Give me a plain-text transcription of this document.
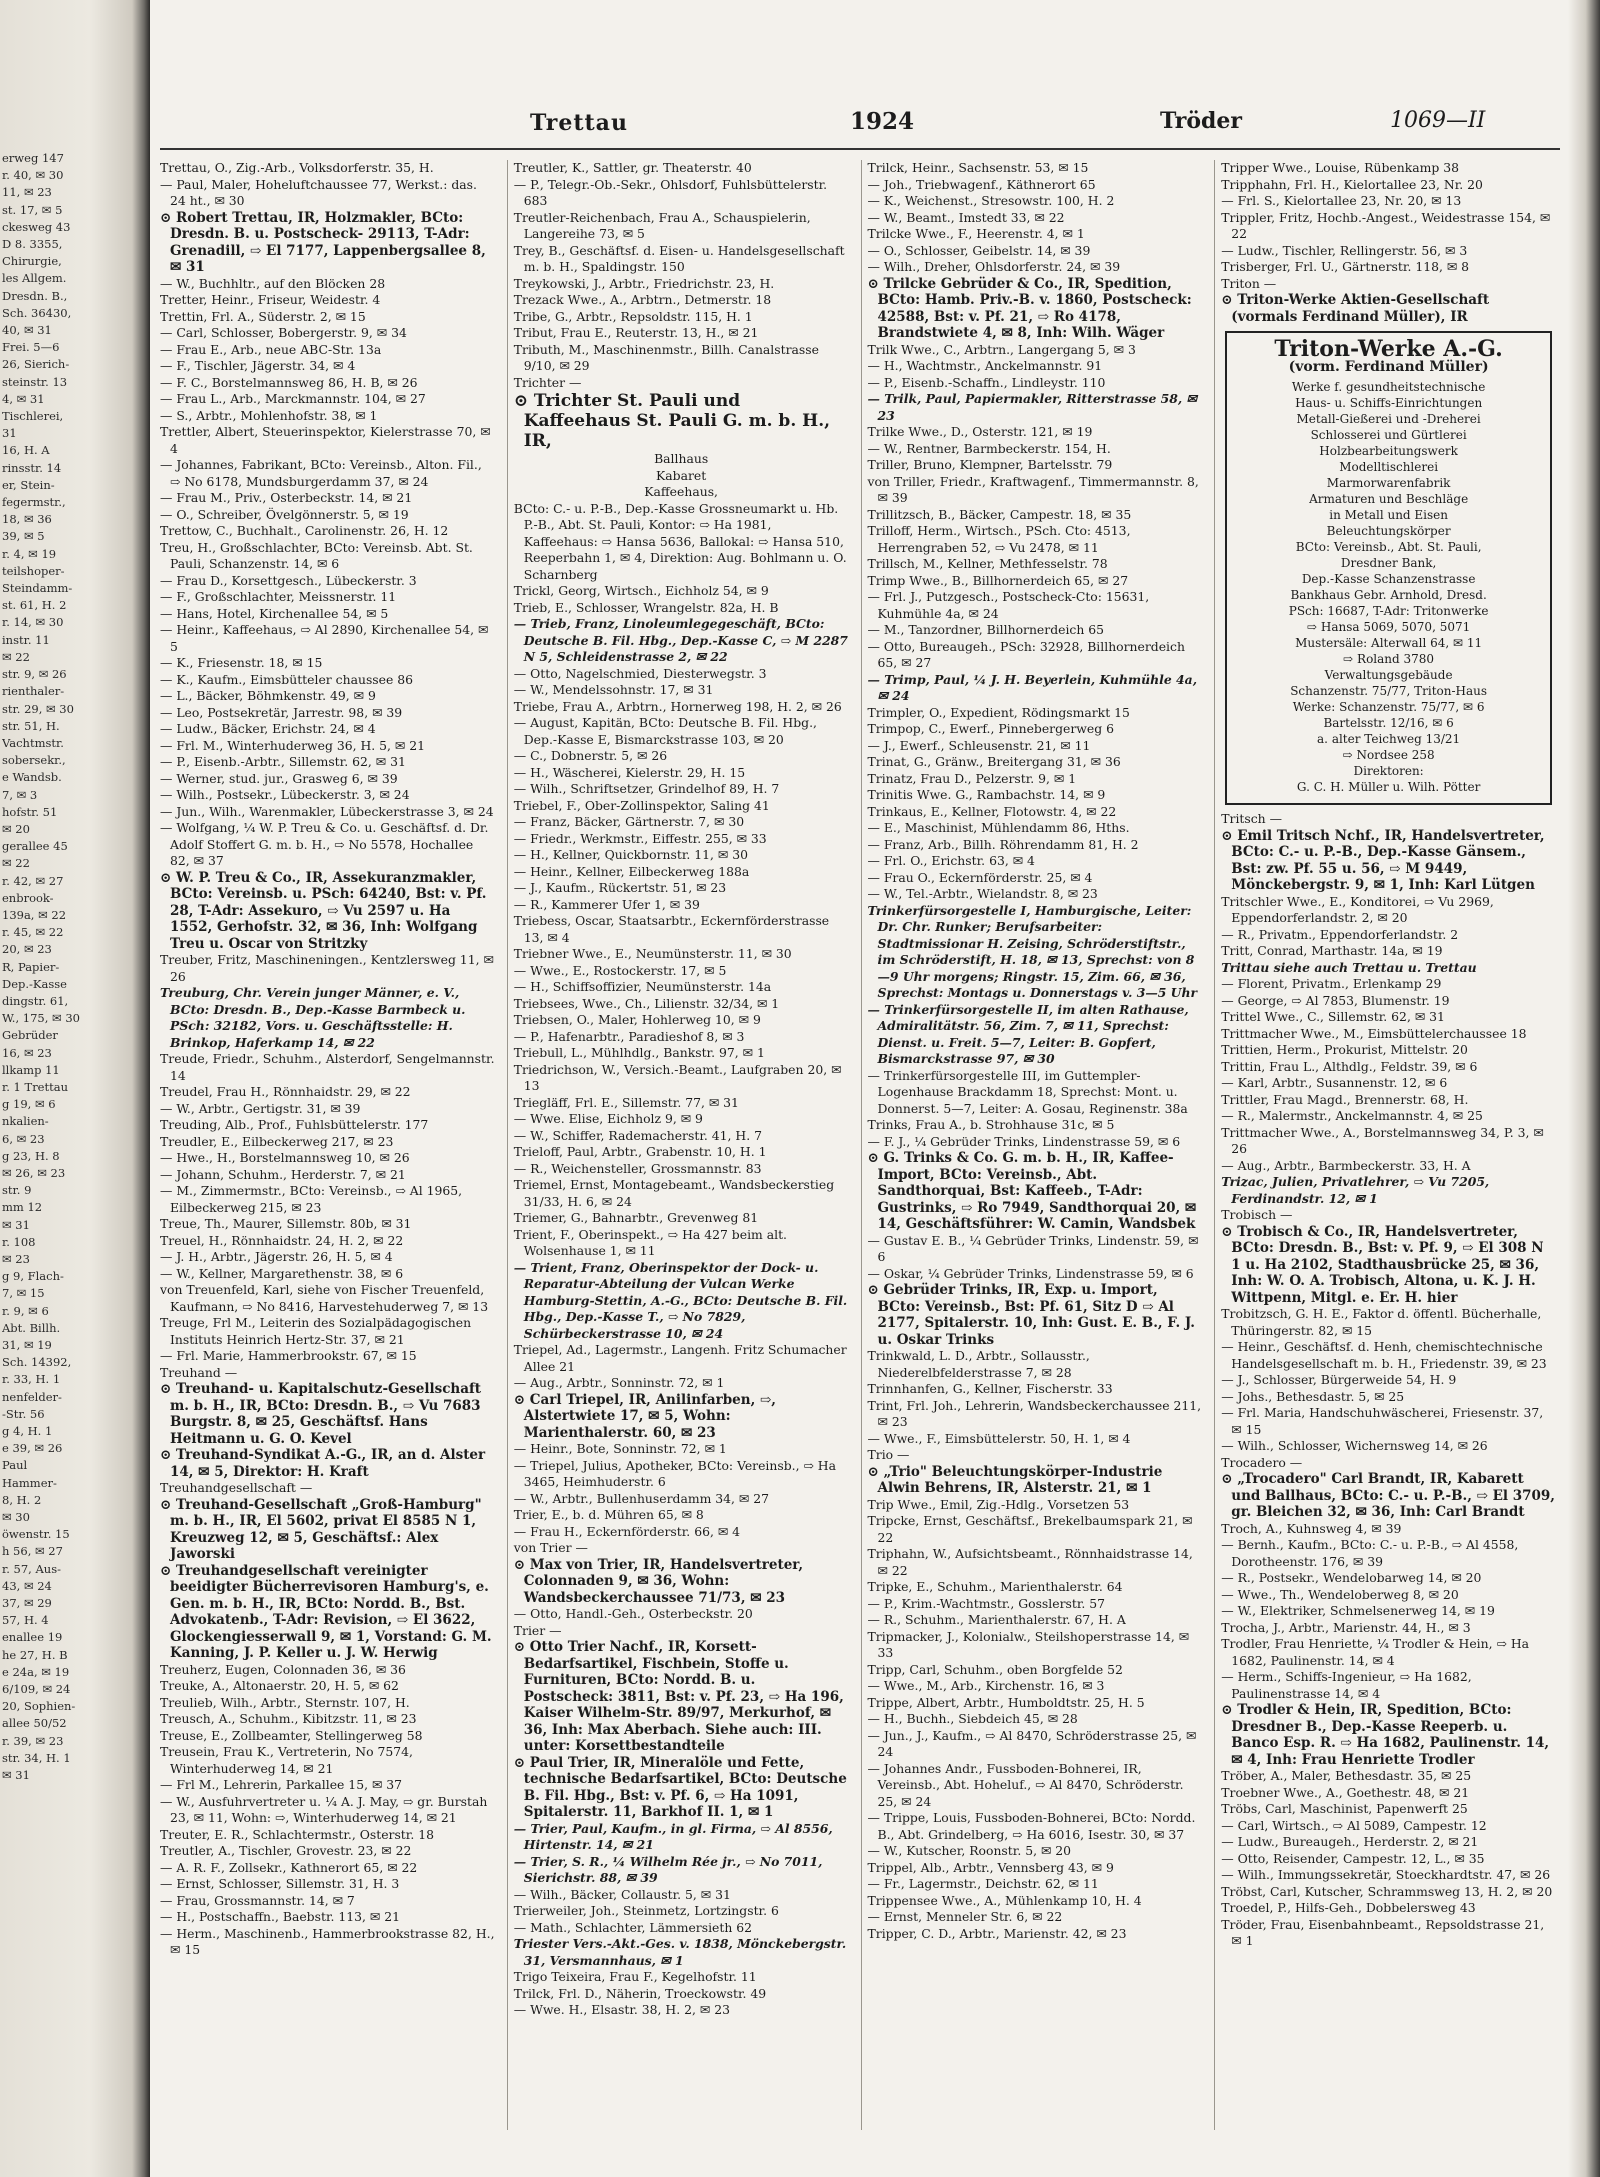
erweg 147
r. 40, ✉ 30
11, ✉ 23
st. 17, ✉ 5
ckesweg 43
D 8. 3355,
Chirurgie,
les Allgem.
Dresdn. B.,
Sch. 36430,
40, ✉ 31
Frei. 5—6
26, Sierich-
steinstr. 13
4, ✉ 31
Tischlerei,
31
16, H. A
rinsstr. 14
er, Stein-
fegermstr.,
18, ✉ 36
39, ✉ 5
r. 4, ✉ 19
teilshoper-
Steindamm-
st. 61, H. 2
r. 14, ✉ 30
instr. 11
✉ 22
str. 9, ✉ 26
rienthaler-
str. 29, ✉ 30
str. 51, H.
Vachtmstr.
sobersekr.,
e Wandsb.
7, ✉ 3
hofstr. 51
✉ 20
gerallee 45
✉ 22
r. 42, ✉ 27
enbrook-
139a, ✉ 22
r. 45, ✉ 22
20, ✉ 23
R, Papier-
Dep.-Kasse
dingstr. 61,
W., 175, ✉ 30
Gebrüder
16, ✉ 23
llkamp 11
r. 1 Trettau
g 19, ✉ 6
nkalien-
6, ✉ 23
g 23, H. 8
✉ 26, ✉ 23
str. 9
mm 12
✉ 31
r. 108
✉ 23
g 9, Flach-
7, ✉ 15
r. 9, ✉ 6
Abt. Billh.
31, ✉ 19
Sch. 14392,
r. 33, H. 1
nenfelder-
-Str. 56
g 4, H. 1
e 39, ✉ 26
Paul
Hammer-
8, H. 2
✉ 30
öwenstr. 15
h 56, ✉ 27
r. 57, Aus-
43, ✉ 24
37, ✉ 29
57, H. 4
enallee 19
he 27, H. B
e 24a, ✉ 19
6/109, ✉ 24
20, Sophien-
allee 50/52
r. 39, ✉ 23
str. 34, H. 1
✉ 31
Trettau	1924	Tröder	1069—II

Trettau, O., Zig.-Arb., Volksdorferstr. 35, H.

— Paul, Maler, Hoheluftchaussee 77, Werkst.: das. 24 ht., ✉ 30

⊙ Robert Trettau, IR, Holzmakler, BCto: Dresdn. B. u. Postscheck- 29113, T-Adr: Grenadill, ⇨ El 7177, Lappenbergsallee 8, ✉ 31

— W., Buchhltr., auf den Blöcken 28

Tretter, Heinr., Friseur, Weidestr. 4

Trettin, Frl. A., Süderstr. 2, ✉ 15

— Carl, Schlosser, Bobergerstr. 9, ✉ 34

— Frau E., Arb., neue ABC-Str. 13a

— F., Tischler, Jägerstr. 34, ✉ 4

— F. C., Borstelmannsweg 86, H. B, ✉ 26

— Frau L., Arb., Marckmannstr. 104, ✉ 27

— S., Arbtr., Mohlenhofstr. 38, ✉ 1

Trettler, Albert, Steuerinspektor, Kielerstrasse 70, ✉ 4

— Johannes, Fabrikant, BCto: Vereinsb., Alton. Fil., ⇨ No 6178, Mundsburgerdamm 37, ✉ 24

— Frau M., Priv., Osterbeckstr. 14, ✉ 21

— O., Schreiber, Övelgönnerstr. 5, ✉ 19

Trettow, C., Buchhalt., Carolinenstr. 26, H. 12

Treu, H., Großschlachter, BCto: Vereinsb. Abt. St. Pauli, Schanzenstr. 14, ✉ 6

— Frau D., Korsettgesch., Lübeckerstr. 3

— F., Großschlachter, Meissnerstr. 11

— Hans, Hotel, Kirchenallee 54, ✉ 5

— Heinr., Kaffeehaus, ⇨ Al 2890, Kirchenallee 54, ✉ 5

— K., Friesenstr. 18, ✉ 15

— K., Kaufm., Eimsbütteler chaussee 86

— L., Bäcker, Böhmkenstr. 49, ✉ 9

— Leo, Postsekretär, Jarrestr. 98, ✉ 39

— Ludw., Bäcker, Erichstr. 24, ✉ 4

— Frl. M., Winterhuderweg 36, H. 5, ✉ 21

— P., Eisenb.-Arbtr., Sillemstr. 62, ✉ 31

— Werner, stud. jur., Grasweg 6, ✉ 39

— Wilh., Postsekr., Lübeckerstr. 3, ✉ 24

— Jun., Wilh., Warenmakler, Lübeckerstrasse 3, ✉ 24

— Wolfgang, ¼ W. P. Treu & Co. u. Geschäftsf. d. Dr. Adolf Stoffert G. m. b. H., ⇨ No 5578, Hochallee 82, ✉ 37

⊙ W. P. Treu & Co., IR, Assekuranzmakler, BCto: Vereinsb. u. PSch: 64240, Bst: v. Pf. 28, T-Adr: Assekuro, ⇨ Vu 2597 u. Ha 1552, Gerhofstr. 32, ✉ 36, Inh: Wolfgang Treu u. Oscar von Stritzky

Treuber, Fritz, Maschineningen., Kentzlersweg 11, ✉ 26

Treuburg, Chr. Verein junger Männer, e. V., BCto: Dresdn. B., Dep.-Kasse Barmbeck u. PSch: 32182, Vors. u. Geschäftsstelle: H. Brinkop, Haferkamp 14, ✉ 22

Treude, Friedr., Schuhm., Alsterdorf, Sengelmannstr. 14

Treudel, Frau H., Rönnhaidstr. 29, ✉ 22

— W., Arbtr., Gertigstr. 31, ✉ 39

Treuding, Alb., Prof., Fuhlsbüttelerstr. 177

Treudler, E., Eilbeckerweg 217, ✉ 23

— Hwe., H., Borstelmannsweg 10, ✉ 26

— Johann, Schuhm., Herderstr. 7, ✉ 21

— M., Zimmermstr., BCto: Vereinsb., ⇨ Al 1965, Eilbeckerweg 215, ✉ 23

Treue, Th., Maurer, Sillemstr. 80b, ✉ 31

Treuel, H., Rönnhaidstr. 24, H. 2, ✉ 22

— J. H., Arbtr., Jägerstr. 26, H. 5, ✉ 4

— W., Kellner, Margarethenstr. 38, ✉ 6

von Treuenfeld, Karl, siehe von Fischer Treuenfeld, Kaufmann, ⇨ No 8416, Harvestehuderweg 7, ✉ 13

Treuge, Frl M., Leiterin des Sozialpädagogischen Instituts Heinrich Hertz-Str. 37, ✉ 21

— Frl. Marie, Hammerbrookstr. 67, ✉ 15

Treuhand —

⊙ Treuhand- u. Kapitalschutz-Gesellschaft m. b. H., IR, BCto: Dresdn. B., ⇨ Vu 7683 Burgstr. 8, ✉ 25, Geschäftsf. Hans Heitmann u. G. O. Kevel

⊙ Treuhand-Syndikat A.-G., IR, an d. Alster 14, ✉ 5, Direktor: H. Kraft

Treuhandgesellschaft —

⊙ Treuhand-Gesellschaft „Groß-Hamburg" m. b. H., IR, El 5602, privat El 8585 N 1, Kreuzweg 12, ✉ 5, Geschäftsf.: Alex Jaworski

⊙ Treuhandgesellschaft vereinigter beeidigter Bücherrevisoren Hamburg's, e. Gen. m. b. H., IR, BCto: Nordd. B., Bst. Advokatenb., T-Adr: Revision, ⇨ El 3622, Glockengiesserwall 9, ✉ 1, Vorstand: G. M. Kanning, J. P. Keller u. J. W. Herwig

Treuherz, Eugen, Colonnaden 36, ✉ 36

Treuke, A., Altonaerstr. 20, H. 5, ✉ 62

Treulieb, Wilh., Arbtr., Sternstr. 107, H.

Treusch, A., Schuhm., Kibitzstr. 11, ✉ 23

Treuse, E., Zollbeamter, Stellingerweg 58

Treusein, Frau K., Vertreterin, No 7574, Winterhuderweg 14, ✉ 21

— Frl M., Lehrerin, Parkallee 15, ✉ 37

— W., Ausfuhrvertreter u. ¼ A. J. May, ⇨ gr. Burstah 23, ✉ 11, Wohn: ⇨, Winterhuderweg 14, ✉ 21

Treuter, E. R., Schlachtermstr., Osterstr. 18

Treutler, A., Tischler, Grovestr. 23, ✉ 22

— A. R. F., Zollsekr., Kathnerort 65, ✉ 22

— Ernst, Schlosser, Sillemstr. 31, H. 3

— Frau, Grossmannstr. 14, ✉ 7

— H., Postschaffn., Baebstr. 113, ✉ 21

— Herm., Maschinenb., Hammerbrookstrasse 82, H., ✉ 15

Treutler, K., Sattler, gr. Theaterstr. 40

— P., Telegr.-Ob.-Sekr., Ohlsdorf, Fuhlsbüttelerstr. 683

Treutler-Reichenbach, Frau A., Schauspielerin, Langereihe 73, ✉ 5

Trey, B., Geschäftsf. d. Eisen- u. Handelsgesellschaft m. b. H., Spaldingstr. 150

Treykowski, J., Arbtr., Friedrichstr. 23, H.

Trezack Wwe., A., Arbtrn., Detmerstr. 18

Tribe, G., Arbtr., Repsoldstr. 115, H. 1

Tribut, Frau E., Reuterstr. 13, H., ✉ 21

Tributh, M., Maschinenmstr., Billh. Canalstrasse 9/10, ✉ 29

Trichter —

⊙ Trichter St. Pauli und Kaffeehaus St. Pauli G. m. b. H., IR,

Ballhaus

Kabaret

Kaffeehaus,

BCto: C.- u. P.-B., Dep.-Kasse Grossneumarkt u. Hb. P.-B., Abt. St. Pauli, Kontor: ⇨ Ha 1981, Kaffeehaus: ⇨ Hansa 5636, Ballokal: ⇨ Hansa 510, Reeperbahn 1, ✉ 4, Direktion: Aug. Bohlmann u. O. Scharnberg

Trickl, Georg, Wirtsch., Eichholz 54, ✉ 9

Trieb, E., Schlosser, Wrangelstr. 82a, H. B

— Trieb, Franz, Linoleumlegegeschäft, BCto: Deutsche B. Fil. Hbg., Dep.-Kasse C, ⇨ M 2287 N 5, Schleidenstrasse 2, ✉ 22

— Otto, Nagelschmied, Diesterwegstr. 3

— W., Mendelssohnstr. 17, ✉ 31

Triebe, Frau A., Arbtrn., Hornerweg 198, H. 2, ✉ 26

— August, Kapitän, BCto: Deutsche B. Fil. Hbg., Dep.-Kasse E, Bismarckstrasse 103, ✉ 20

— C., Dobnerstr. 5, ✉ 26

— H., Wäscherei, Kielerstr. 29, H. 15

— Wilh., Schriftsetzer, Grindelhof 89, H. 7

Triebel, F., Ober-Zollinspektor, Saling 41

— Franz, Bäcker, Gärtnerstr. 7, ✉ 30

— Friedr., Werkmstr., Eiffestr. 255, ✉ 33

— H., Kellner, Quickbornstr. 11, ✉ 30

— Heinr., Kellner, Eilbeckerweg 188a

— J., Kaufm., Rückertstr. 51, ✉ 23

— R., Kammerer Ufer 1, ✉ 39

Triebess, Oscar, Staatsarbtr., Eckernförderstrasse 13, ✉ 4

Triebner Wwe., E., Neumünsterstr. 11, ✉ 30

— Wwe., E., Rostockerstr. 17, ✉ 5

— H., Schiffsoffizier, Neumünsterstr. 14a

Triebsees, Wwe., Ch., Lilienstr. 32/34, ✉ 1

Triebsen, O., Maler, Hohlerweg 10, ✉ 9

— P., Hafenarbtr., Paradieshof 8, ✉ 3

Triebull, L., Mühlhdlg., Bankstr. 97, ✉ 1

Triedrichson, W., Versich.-Beamt., Laufgraben 20, ✉ 13

Triegläff, Frl. E., Sillemstr. 77, ✉ 31

— Wwe. Elise, Eichholz 9, ✉ 9

— W., Schiffer, Rademacherstr. 41, H. 7

Trieloff, Paul, Arbtr., Grabenstr. 10, H. 1

— R., Weichensteller, Grossmannstr. 83

Triemel, Ernst, Montagebeamt., Wandsbeckerstieg 31/33, H. 6, ✉ 24

Triemer, G., Bahnarbtr., Grevenweg 81

Trient, F., Oberinspekt., ⇨ Ha 427 beim alt. Wolsenhause 1, ✉ 11

— Trient, Franz, Oberinspektor der Dock- u. Reparatur-Abteilung der Vulcan Werke Hamburg-Stettin, A.-G., BCto: Deutsche B. Fil. Hbg., Dep.-Kasse T., ⇨ No 7829, Schürbeckerstrasse 10, ✉ 24

Triepel, Ad., Lagermstr., Langenh. Fritz Schumacher Allee 21

— Aug., Arbtr., Sonninstr. 72, ✉ 1

⊙ Carl Triepel, IR, Anilinfarben, ⇨, Alstertwiete 17, ✉ 5, Wohn: Marienthalerstr. 60, ✉ 23

— Heinr., Bote, Sonninstr. 72, ✉ 1

— Triepel, Julius, Apotheker, BCto: Vereinsb., ⇨ Ha 3465, Heimhuderstr. 6

— W., Arbtr., Bullenhuserdamm 34, ✉ 27

Trier, E., b. d. Mühren 65, ✉ 8

— Frau H., Eckernförderstr. 66, ✉ 4

von Trier —

⊙ Max von Trier, IR, Handelsvertreter, Colonnaden 9, ✉ 36, Wohn: Wandsbeckerchaussee 71/73, ✉ 23

— Otto, Handl.-Geh., Osterbeckstr. 20

Trier —

⊙ Otto Trier Nachf., IR, Korsett-Bedarfsartikel, Fischbein, Stoffe u. Furnituren, BCto: Nordd. B. u. Postscheck: 3811, Bst: v. Pf. 23, ⇨ Ha 196, Kaiser Wilhelm-Str. 89/97, Merkurhof, ✉ 36, Inh: Max Aberbach. Siehe auch: III. unter: Korsettbestandteile

⊙ Paul Trier, IR, Mineralöle und Fette, technische Bedarfsartikel, BCto: Deutsche B. Fil. Hbg., Bst: v. Pf. 6, ⇨ Ha 1091, Spitalerstr. 11, Barkhof II. 1, ✉ 1

— Trier, Paul, Kaufm., in gl. Firma, ⇨ Al 8556, Hirtenstr. 14, ✉ 21

— Trier, S. R., ¼ Wilhelm Rée jr., ⇨ No 7011, Sierichstr. 88, ✉ 39

— Wilh., Bäcker, Collaustr. 5, ✉ 31

Trierweiler, Joh., Steinmetz, Lortzingstr. 6

— Math., Schlachter, Lämmersieth 62

Triester Vers.-Akt.-Ges. v. 1838, Mönckebergstr. 31, Versmannhaus, ✉ 1

Trigo Teixeira, Frau F., Kegelhofstr. 11

Trilck, Frl. D., Näherin, Troeckowstr. 49

— Wwe. H., Elsastr. 38, H. 2, ✉ 23

Trilck, Heinr., Sachsenstr. 53, ✉ 15

— Joh., Triebwagenf., Käthnerort 65

— K., Weichenst., Stresowstr. 100, H. 2

— W., Beamt., Imstedt 33, ✉ 22

Trilcke Wwe., F., Heerenstr. 4, ✉ 1

— O., Schlosser, Geibelstr. 14, ✉ 39

— Wilh., Dreher, Ohlsdorferstr. 24, ✉ 39

⊙ Trilcke Gebrüder & Co., IR, Spedition, BCto: Hamb. Priv.-B. v. 1860, Postscheck: 42588, Bst: v. Pf. 21, ⇨ Ro 4178, Brandstwiete 4, ✉ 8, Inh: Wilh. Wäger

Trilk Wwe., C., Arbtrn., Langergang 5, ✉ 3

— H., Wachtmstr., Anckelmannstr. 91

— P., Eisenb.-Schaffn., Lindleystr. 110

— Trilk, Paul, Papiermakler, Ritterstrasse 58, ✉ 23

Trilke Wwe., D., Osterstr. 121, ✉ 19

— W., Rentner, Barmbeckerstr. 154, H.

Triller, Bruno, Klempner, Bartelsstr. 79

von Triller, Friedr., Kraftwagenf., Timmermannstr. 8, ✉ 39

Trillitzsch, B., Bäcker, Campestr. 18, ✉ 35

Trilloff, Herm., Wirtsch., PSch. Cto: 4513, Herrengraben 52, ⇨ Vu 2478, ✉ 11

Trillsch, M., Kellner, Methfesselstr. 78

Trimp Wwe., B., Billhornerdeich 65, ✉ 27

— Frl. J., Putzgesch., Postscheck-Cto: 15631, Kuhmühle 4a, ✉ 24

— M., Tanzordner, Billhornerdeich 65

— Otto, Bureaugeh., PSch: 32928, Billhornerdeich 65, ✉ 27

— Trimp, Paul, ¼ J. H. Beyerlein, Kuhmühle 4a, ✉ 24

Trimpler, O., Expedient, Rödingsmarkt 15

Trimpop, C., Ewerf., Pinnebergerweg 6

— J., Ewerf., Schleusenstr. 21, ✉ 11

Trinat, G., Gränw., Breitergang 31, ✉ 36

Trinatz, Frau D., Pelzerstr. 9, ✉ 1

Trinitis Wwe. G., Rambachstr. 14, ✉ 9

Trinkaus, E., Kellner, Flotowstr. 4, ✉ 22

— E., Maschinist, Mühlendamm 86, Hths.

— Franz, Arb., Billh. Röhrendamm 81, H. 2

— Frl. O., Erichstr. 63, ✉ 4

— Frau O., Eckernförderstr. 25, ✉ 4

— W., Tel.-Arbtr., Wielandstr. 8, ✉ 23

Trinkerfürsorgestelle I, Hamburgische, Leiter: Dr. Chr. Runker; Berufsarbeiter: Stadtmissionar H. Zeising, Schröderstiftstr., im Schröderstift, H. 18, ✉ 13, Sprechst: von 8—9 Uhr morgens; Ringstr. 15, Zim. 66, ✉ 36, Sprechst: Montags u. Donnerstags v. 3—5 Uhr

— Trinkerfürsorgestelle II, im alten Rathause, Admiralitätstr. 56, Zim. 7, ✉ 11, Sprechst: Dienst. u. Freit. 5—7, Leiter: B. Gopfert, Bismarckstrasse 97, ✉ 30

— Trinkerfürsorgestelle III, im Guttempler-Logenhause Brackdamm 18, Sprechst: Mont. u. Donnerst. 5—7, Leiter: A. Gosau, Reginenstr. 38a

Trinks, Frau A., b. Strohhause 31c, ✉ 5

— F. J., ¼ Gebrüder Trinks, Lindenstrasse 59, ✉ 6

⊙ G. Trinks & Co. G. m. b. H., IR, Kaffee-Import, BCto: Vereinsb., Abt. Sandthorquai, Bst: Kaffeeb., T-Adr: Gustrinks, ⇨ Ro 7949, Sandthorquai 20, ✉ 14, Geschäftsführer: W. Camin, Wandsbek

— Gustav E. B., ¼ Gebrüder Trinks, Lindenstr. 59, ✉ 6

— Oskar, ¼ Gebrüder Trinks, Lindenstrasse 59, ✉ 6

⊙ Gebrüder Trinks, IR, Exp. u. Import, BCto: Vereinsb., Bst: Pf. 61, Sitz D ⇨ Al 2177, Spitalerstr. 10, Inh: Gust. E. B., F. J. u. Oskar Trinks

Trinkwald, L. D., Arbtr., Sollausstr., Niederelbfelderstrasse 7, ✉ 28

Trinnhanfen, G., Kellner, Fischerstr. 33

Trint, Frl. Joh., Lehrerin, Wandsbeckerchaussee 211, ✉ 23

— Wwe., F., Eimsbüttelerstr. 50, H. 1, ✉ 4

Trio —

⊙ „Trio" Beleuchtungskörper-Industrie Alwin Behrens, IR, Alsterstr. 21, ✉ 1

Trip Wwe., Emil, Zig.-Hdlg., Vorsetzen 53

Tripcke, Ernst, Geschäftsf., Brekelbaumspark 21, ✉ 22

Triphahn, W., Aufsichtsbeamt., Rönnhaidstrasse 14, ✉ 22

Tripke, E., Schuhm., Marienthalerstr. 64

— P., Krim.-Wachtmstr., Gosslerstr. 57

— R., Schuhm., Marienthalerstr. 67, H. A

Tripmacker, J., Kolonialw., Steilshoperstrasse 14, ✉ 33

Tripp, Carl, Schuhm., oben Borgfelde 52

— Wwe., M., Arb., Kirchenstr. 16, ✉ 3

Trippe, Albert, Arbtr., Humboldtstr. 25, H. 5

— H., Buchh., Siebdeich 45, ✉ 28

— Jun., J., Kaufm., ⇨ Al 8470, Schröderstrasse 25, ✉ 24

— Johannes Andr., Fussboden-Bohnerei, IR, Vereinsb., Abt. Hoheluf., ⇨ Al 8470, Schröderstr. 25, ✉ 24

— Trippe, Louis, Fussboden-Bohnerei, BCto: Nordd. B., Abt. Grindelberg, ⇨ Ha 6016, Isestr. 30, ✉ 37

— W., Kutscher, Roonstr. 5, ✉ 20

Trippel, Alb., Arbtr., Vennsberg 43, ✉ 9

— Fr., Lagermstr., Deichstr. 62, ✉ 11

Trippensee Wwe., A., Mühlenkamp 10, H. 4

— Ernst, Menneler Str. 6, ✉ 22

Tripper, C. D., Arbtr., Marienstr. 42, ✉ 23

Tripper Wwe., Louise, Rübenkamp 38

Tripphahn, Frl. H., Kielortallee 23, Nr. 20

— Frl. S., Kielortallee 23, Nr. 20, ✉ 13

Trippler, Fritz, Hochb.-Angest., Weidestrasse 154, ✉ 22

— Ludw., Tischler, Rellingerstr. 56, ✉ 3

Trisberger, Frl. U., Gärtnerstr. 118, ✉ 8

Triton —

⊙ Triton-Werke Aktien-Gesellschaft (vormals Ferdinand Müller), IR

Triton-Werke A.-G.
(vorm. Ferdinand Müller)
Werke f. gesundheitstechnische
Haus- u. Schiffs-Einrichtungen
Metall-Gießerei und -Dreherei
Schlosserei und Gürtlerei
Holzbearbeitungswerk
Modelltischlerei
Marmorwarenfabrik
Armaturen und Beschläge
in Metall und Eisen
Beleuchtungskörper
BCto: Vereinsb., Abt. St. Pauli,
Dresdner Bank,
Dep.-Kasse Schanzenstrasse
Bankhaus Gebr. Arnhold, Dresd.
PSch: 16687, T-Adr: Tritonwerke
⇨ Hansa 5069, 5070, 5071
Mustersäle: Alterwall 64, ✉ 11
⇨ Roland 3780
Verwaltungsgebäude
Schanzenstr. 75/77, Triton-Haus
Werke: Schanzenstr. 75/77, ✉ 6
Bartelsstr. 12/16, ✉ 6
a. alter Teichweg 13/21
⇨ Nordsee 258
Direktoren:
G. C. H. Müller u. Wilh. Pötter

Tritsch —

⊙ Emil Tritsch Nchf., IR, Handelsvertreter, BCto: C.- u. P.-B., Dep.-Kasse Gänsem., Bst: zw. Pf. 55 u. 56, ⇨ M 9449, Mönckebergstr. 9, ✉ 1, Inh: Karl Lütgen

Tritschler Wwe., E., Konditorei, ⇨ Vu 2969, Eppendorferlandstr. 2, ✉ 20

— R., Privatm., Eppendorferlandstr. 2

Tritt, Conrad, Marthastr. 14a, ✉ 19

Trittau siehe auch Trettau u. Trettau

— Florent, Privatm., Erlenkamp 29

— George, ⇨ Al 7853, Blumenstr. 19

Trittel Wwe., C., Sillemstr. 62, ✉ 31

Trittmacher Wwe., M., Eimsbüttelerchaussee 18

Trittien, Herm., Prokurist, Mittelstr. 20

Trittin, Frau L., Althdlg., Feldstr. 39, ✉ 6

— Karl, Arbtr., Susannenstr. 12, ✉ 6

Trittler, Frau Magd., Brennerstr. 68, H.

— R., Malermstr., Anckelmannstr. 4, ✉ 25

Trittmacher Wwe., A., Borstelmannsweg 34, P. 3, ✉ 26

— Aug., Arbtr., Barmbeckerstr. 33, H. A

Trizac, Julien, Privatlehrer, ⇨ Vu 7205, Ferdinandstr. 12, ✉ 1

Trobisch —

⊙ Trobisch & Co., IR, Handelsvertreter, BCto: Dresdn. B., Bst: v. Pf. 9, ⇨ El 308 N 1 u. Ha 2102, Stadthausbrücke 25, ✉ 36, Inh: W. O. A. Trobisch, Altona, u. K. J. H. Wittpenn, Mitgl. e. Er. H. hier

Trobitzsch, G. H. E., Faktor d. öffentl. Bücherhalle, Thüringerstr. 82, ✉ 15

— Heinr., Geschäftsf. d. Henh, chemischtechnische Handelsgesellschaft m. b. H., Friedenstr. 39, ✉ 23

— J., Schlosser, Bürgerweide 54, H. 9

— Johs., Bethesdastr. 5, ✉ 25

— Frl. Maria, Handschuhwäscherei, Friesenstr. 37, ✉ 15

— Wilh., Schlosser, Wichernsweg 14, ✉ 26

Trocadero —

⊙ „Trocadero" Carl Brandt, IR, Kabarett und Ballhaus, BCto: C.- u. P.-B., ⇨ El 3709, gr. Bleichen 32, ✉ 36, Inh: Carl Brandt

Troch, A., Kuhnsweg 4, ✉ 39

— Bernh., Kaufm., BCto: C.- u. P.-B., ⇨ Al 4558, Dorotheenstr. 176, ✉ 39

— R., Postsekr., Wendelobarweg 14, ✉ 20

— Wwe., Th., Wendeloberweg 8, ✉ 20

— W., Elektriker, Schmelsenerweg 14, ✉ 19

Trocha, J., Arbtr., Marienstr. 44, H., ✉ 3

Trodler, Frau Henriette, ¼ Trodler & Hein, ⇨ Ha 1682, Paulinenstr. 14, ✉ 4

— Herm., Schiffs-Ingenieur, ⇨ Ha 1682, Paulinenstrasse 14, ✉ 4

⊙ Trodler & Hein, IR, Spedition, BCto: Dresdner B., Dep.-Kasse Reeperb. u. Banco Esp. R. ⇨ Ha 1682, Paulinenstr. 14, ✉ 4, Inh: Frau Henriette Trodler

Tröber, A., Maler, Bethesdastr. 35, ✉ 25

Troebner Wwe., A., Goethestr. 48, ✉ 21

Tröbs, Carl, Maschinist, Papenwerft 25

— Carl, Wirtsch., ⇨ Al 5089, Campestr. 12

— Ludw., Bureaugeh., Herderstr. 2, ✉ 21

— Otto, Reisender, Campestr. 12, L., ✉ 35

— Wilh., Immungssekretär, Stoeckhardtstr. 47, ✉ 26

Tröbst, Carl, Kutscher, Schrammsweg 13, H. 2, ✉ 20

Troedel, P., Hilfs-Geh., Dobbelersweg 43

Tröder, Frau, Eisenbahnbeamt., Repsoldstrasse 21, ✉ 1
